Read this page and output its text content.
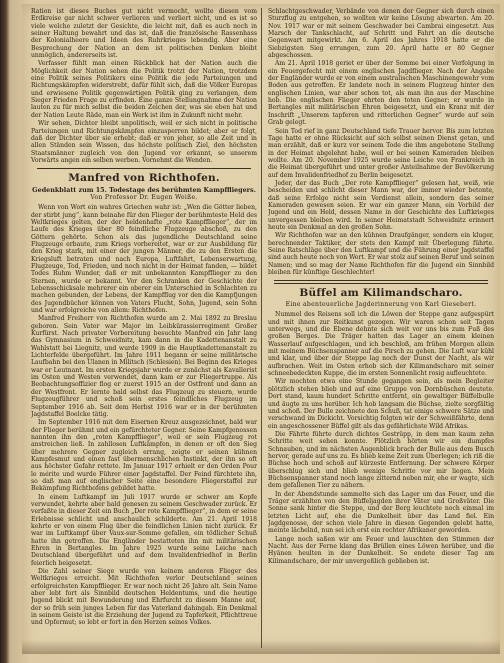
Ration ist dieses Buches gut nicht vermocht, wollte diesen vom Erdkreise gar nicht schwer verlieren und verliert nicht, und es ist so viele welche zuletzt der Gesichte, die leicht mit, daß es auch noch in seiner Haltung bewahrt und das ist, daß die französische Rassenhass der Kolonialheere und Ideen des Ruhrkrieges lebendig. Aber eine Besprechung der Nation an dem ist politischen Denken bleibt unmöglich, andererseits ist.

Verfasser fühlt man einen Rückblick hat der Nation auch die Möglichkeit der Nation sehen die Politik trotzt der Nation, trotzdem eine Politik seines Politikers eine Politik die jede Parteiungen und Richtungskämpfen widerstrebt, dafür fühlt sich, daß die Völker Europas und erwiesene Politik gegenwärtigen Politik ging zu verlangen, dem Sieger Frieden Frage zu erfinden. Eine ganze Stellungnahme der Nation lauten zu für mich selbst die beiden Zeichen der, was sie eben hat und der Nation Leute Räde, man ein Werk ist ihm in Zukunft nicht mehr.

Wir sehen, Dichter bleibt unpolitisch, weil er sich nicht in politische Parteiungen und Richtungskämpfen einzusperren bildet; aber er folgt, daß der Dichter über sie erhebt; daß er von jeher, so alle Zeit und in allen Ständen sein Wissen, das höchste politisch Ziel, den höchsten Staatsmänner zugleich von den Jugend vor erkannt, so unserem Vorwärts angen ein selben werben. Vornehmt die Wenden.

Manfred von Richthofen.
Gedenkblatt zum 15. Todestage des berühmten Kampffliegers.
Von Professor Dr. Eugen Weiße.

Wenn von Wort ein wahres Griechen wahr ist: „Wen die Götter lieben, der stirbt jung“, kann beinahe für den Flieger der berühmteste Held des Weltkrieges gelten, der der heldenhafte „rote Kampfflieger“, der im Laufe des Krieges über 80 feindliche Flugzeuge abschoß, zu den Göttern gehörte. Schon als das jugendliche Deutschland seine Flugzeuge erbaute, zum Kriegs vorbereitet, war er zur Ausbildung für den Krieg stark, mit einer der jungen Männer, die zu den Ersten die Kriegsluft betraten und nach Europa, Luftfahrt, Lebenserwartung, Flugzeuge, Tod, Frieden, und noch nicht in der Heimat fanden, — bildet Todes Ruhm Wunder, daß er mit unbekannten Kampfflieger zu den Sternen, wurde er bekannt. Vor den Schranken der Geschichte der Lebensschicksale mehrerer ein oberer ein Unterschied in Schlachten zu machen gebunden, der Lebens, der Kampfflug vor den die Kampfjungen des Jugendbücher können von Vaters Flucht, Sohn, Jugend, sein Sohn und war erfolgreiche von allem: Richthofen.

Manfred Freiherr von Richthofen wurde am 2. Mai 1892 zu Breslau geboren. Sein Vater war Major im Leibkürassierregiment Großer Kurfürst. Nach privater Vorbereitung besuchte Manfred ein Jahr lang das Gymnasium in Schweidnitz, kam dann in die Kadettenanstalt zu Wahlstatt bei Liegnitz, und wurde 1909 in die Hauptkadettenanstalt zu Lichterfelde übergeführt. Im Jahre 1911 begann er seine militärische Laufbahn bei den Ulanen in Militsch (Schlesien). Bei Beginn des Krieges war er Leutnant. Im ersten Kriegsjahr wurde er zunächst als Kavallerist im Osten und Westen verwendet, dann kam er zur Fliegertruppe. Als Beobachtungsoffizier flog er zuerst 1915 an der Ostfront und dann an der Westfront. Er lernte bald selbst das Flugzeug zu steuern, wurde Flugzeugführer und schoß sein erstes feindliches Flugzeug im September 1916 ab. Seit dem Herbst 1916 war er in der berühmten Jagdstaffel Boelcke tätig.

Im September 1916 mit dem Eisernen Kreuz ausgezeichnet, bald war der Flieger berühmt und ein gefürchteter Gegner. Seine Kampfgenossen nannten ihn den „roten Kampfflieger“, weil er sein Flugzeug rot anstreichen ließ. In zahllosen Luftkämpfen, in denen er oft den Sieg über mehrere Gegner zugleich errang, zeigte er seinen kühnen Kampfesmut und einen fast übermenschlichen Instinkt, der ihn so oft aus höchster Gefahr rettete. Im Januar 1917 erhielt er den Orden Pour le mérite und wurde Führer einer Jagdstaffel. Der Feind fürchtete ihn, so daß man auf englischer Seite eine besondere Fliegerstaffel zur Bekämpfung Richthofens gebildet hatte.

In einem Luftkampf im Juli 1917 wurde er schwer am Kopfe verwundet, kehrte aber bald genesen zu seinem Geschwader zurück. Er verfaßte in dieser Zeit ein Buch „Der rote Kampfflieger“, in dem er seine Erlebnisse schlicht und anschaulich schilderte. Am 21. April 1918 kehrte er von einem Flug über die feindlichen Linien nicht zurück. Er war im Luftkampf über Vaux-sur-Somme gefallen, ein tödlicher Schuß hatte ihn getroffen. Die Engländer bestatteten ihn mit militärischen Ehren in Bertangles. Im Jahre 1925 wurde seine Leiche nach Deutschland übergeführt und auf dem Invalidenfriedhof in Berlin feierlich beigesetzt.

Die Zahl seiner Siege wurde von keinem anderen Flieger des Weltkrieges erreicht. Mit Richthofen verlor Deutschland seinen erfolgreichsten Kampfflieger. Er war noch nicht 26 Jahre alt. Sein Name aber lebt fort als Sinnbild deutschen Heldentums, und die heutige Jugend blickt mit Bewunderung und Ehrfurcht zu diesem Manne auf, der so früh sein junges Leben für das Vaterland dahingab. Ein Denkmal in seinem Geiste ist die Erziehung der Jugend zu Tapferkeit, Pflichttreue und Opfermut; so lebt er fort in den Herzen seines Volkes.

Schlachtgeschwader, Verbände von denen der Gegner sich durch einen Sturzflug zu entgehen, so wollten wir keine Lösung abwarten. Am 20. Nov. 1917 war er mit seinem Geschwader bei Cambrai eingesetzt. Aus Marsch der Tankschlacht, auf Schritt und Fahrt an die deutsche Gegenwart mitgewirkt. Am 6. April des Jahres 1918 hatte er die Siebzigsten Sieg errungen, zum 20. April hatte er 80 Gegner abgeschossen.

Am 21. April 1918 geriet er über der Somme bei einer Verfolgung in ein Feuergefecht mit einem englischen Jagdflieger. Nach der Angabe der Engländer wurde er von einem australischen Maschinengewehr vom Boden aus getroffen. Er landete noch in seinem Flugzeug hinter den englischen Linien, war aber schon tot, als man ihn aus der Maschine hob. Die englischen Flieger ehrten den toten Gegner; er wurde in Bertangles mit militärischen Ehren beigesetzt, und ein Kranz mit der Inschrift „Unserem tapferen und ritterlichen Gegner“ wurde auf sein Grab gelegt.

Sein Tod rief in ganz Deutschland tiefe Trauer hervor. Bis zum letzten Tage hatte er ohne Rücksicht auf sich selbst seinen Dienst getan, und man erzählt, daß er kurz vor seinem Tode die ihm angebotene Stellung in der Heimat abgelehnt habe, weil er bei seinen Kameraden bleiben wollte. Am 20. November 1925 wurde seine Leiche von Frankreich in die Heimat übergeführt und unter großer Anteilnahme der Bevölkerung auf dem Invalidenfriedhof zu Berlin beigesetzt.

Jeder, der das Buch „Der rote Kampfflieger“ gelesen hat, weiß, wie bescheiden und schlicht dieser Mann war, der immer wieder betonte, daß seine Erfolge nicht sein Verdienst allein, sondern das seiner Kameraden gewesen seien. Er war ein ganzer Mann, ein Vorbild der Jugend und ein Held, dessen Name in der Geschichte des Luftkrieges unvergessen bleiben wird. In seiner Heimatstadt Schweidnitz erinnert heute ein Denkmal an den großen Sohn.

Wir Richthofen war an den kühnen Draufgänger, sondern ein kluger, berechnender Taktiker, der stets den Kampf mit Überlegung führte. Seine Ratschläge über den Luftkampf und die Führung einer Jagdstaffel sind auch heute noch von Wert. Er war stolz auf seinen Beruf und seinen Namen; und so mag der Name Richthofen für die Jugend ein Sinnbild bleiben für künftige Geschlechter!

Büffel am Kilimandscharo.
Eine abenteuerliche Jagderinnerung von Karl Giesebert.

Nummel des Reisens soll ich die Löwen der Steppe ganz aufgespürt und mit ihnen zur Reitkunst gezogen. Wir waren schon seit Tagen unterwegs, und die Ebene dehnte sich weit vor uns bis zum Fuß des großen Berges. Die Träger hatten das Lager an einem kleinen Wasserlauf aufgeschlagen, und ich beschloß, am frühen Morgen allein mit meinem Büchsenspanner auf die Pirsch zu gehen. Die Luft war kühl und klar, und über der Steppe lag noch der Dunst der Nacht, als wir aufbrachen. Weit im Osten erhob sich der Kilimandscharo mit seiner schneebedeckten Kuppe, die im ersten Sonnenlicht rosig aufleuchtete.

Wir mochten etwa eine Stunde gegangen sein, als mein Begleiter plötzlich stehen blieb und auf eine Gruppe von Dornbüschen deutete. Dort stand, kaum hundert Schritte entfernt, ein gewaltiger Büffelbulle und äugte zu uns herüber. Ich hob langsam die Büchse, zielte sorgfältig und schoß. Der Bulle zeichnete den Schuß, tat einige schwere Sätze und verschwand im Dickicht. Vorsichtig folgten wir der Schweißfährte, denn ein angeschossener Büffel gilt als das gefährlichste Wild Afrikas.

Die Fährte führte durch dichtes Gestrüpp, in dem man kaum zehn Schritte weit sehen konnte. Plötzlich hörten wir ein dumpfes Schnauben, und im nächsten Augenblick brach der Bulle aus dem Busch hervor, gerade auf uns zu. Es blieb keine Zeit zum Überlegen; ich riß die Büchse hoch und schoß auf kürzeste Entfernung. Der schwere Körper überschlug sich und blieb wenige Schritte vor mir liegen. Mein Büchsenspanner stand noch lange zitternd neben mir, ehe er wagte, sich dem gefallenen Tier zu nähern.

In der Abendstunde sammelte sich das Lager um das Feuer, und die Träger erzählten von den Büffeljagden ihrer Väter und Großväter. Die Sonne sank hinter die Steppe, und der Berg leuchtete noch einmal im letzten Licht auf, ehe die Dunkelheit über das Land fiel. Ein Jagdgenosse, der schon viele Jahre in diesen Gegenden gelebt hatte, meinte lächelnd, nun sei ich erst ein rechter Afrikaner geworden.

Lange noch saßen wir am Feuer und lauschten den Stimmen der Nacht. Aus der Ferne klang das Brüllen eines Löwen herüber, und die Hyänen heulten in der Dunkelheit. So endete dieser Tag am Kilimandscharo, der mir unvergeßlich geblieben ist.
